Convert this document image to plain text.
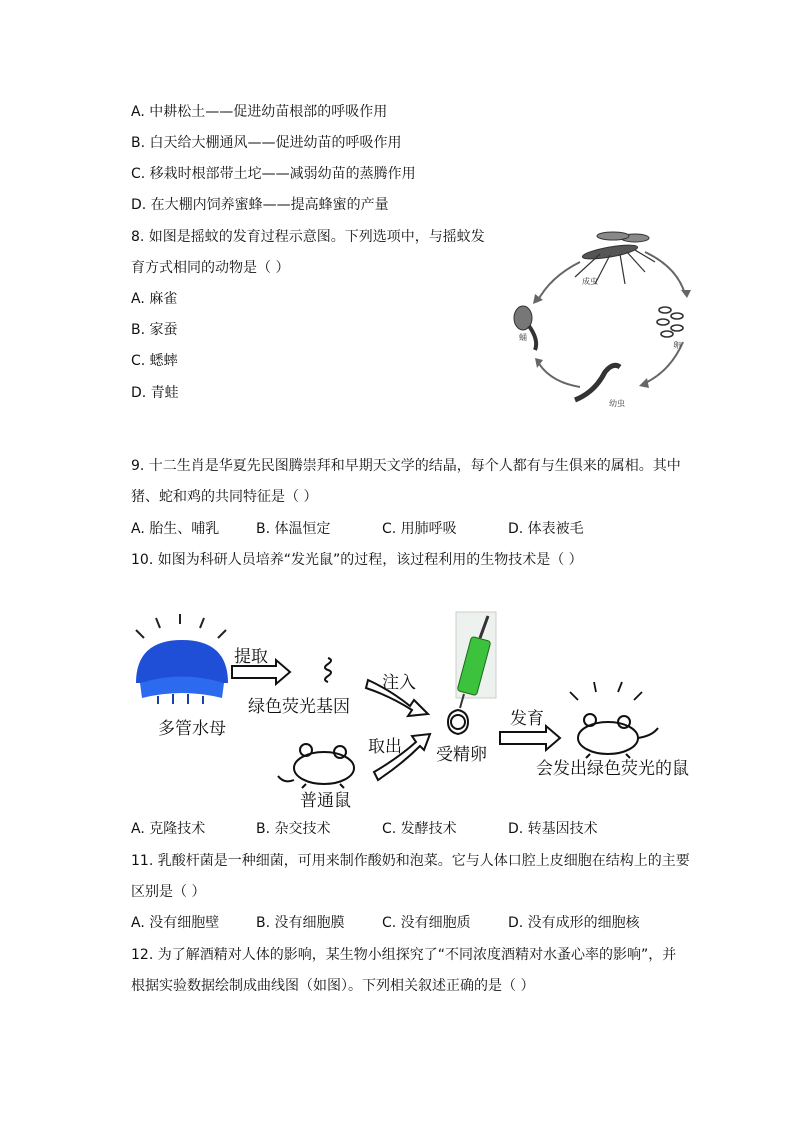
A. 中耕松土——促进幼苗根部的呼吸作用
B. 白天给大棚通风——促进幼苗的呼吸作用
C. 移栽时根部带土坨——减弱幼苗的蒸腾作用
D. 在大棚内饲养蜜蜂——提高蜂蜜的产量
8. 如图是摇蚊的发育过程示意图。下列选项中，与摇蚊发
育方式相同的动物是（ ）
A. 麻雀
B. 家蚕
C. 蟋蟀
D. 青蛙
成虫
卵
幼虫
蛹
9. 十二生肖是华夏先民图腾崇拜和早期天文学的结晶，每个人都有与生俱来的属相。其中
猪、蛇和鸡的共同特征是（ ）
A. 胎生、哺乳	B. 体温恒定	C. 用肺呼吸	D. 体表被毛
10. 如图为科研人员培养“发光鼠”的过程，该过程利用的生物技术是（ ）
多管水母
提取
绿色荧光基因
注入
受精卵
普通鼠
取出
发育
会发出绿色荧光的鼠
A. 克隆技术	B. 杂交技术	C. 发酵技术	D. 转基因技术
11. 乳酸杆菌是一种细菌，可用来制作酸奶和泡菜。它与人体口腔上皮细胞在结构上的主要
区别是（ ）
A. 没有细胞壁	B. 没有细胞膜	C. 没有细胞质	D. 没有成形的细胞核
12. 为了解酒精对人体的影响，某生物小组探究了“不同浓度酒精对水蚤心率的影响”，并
根据实验数据绘制成曲线图（如图）。下列相关叙述正确的是（ ）
